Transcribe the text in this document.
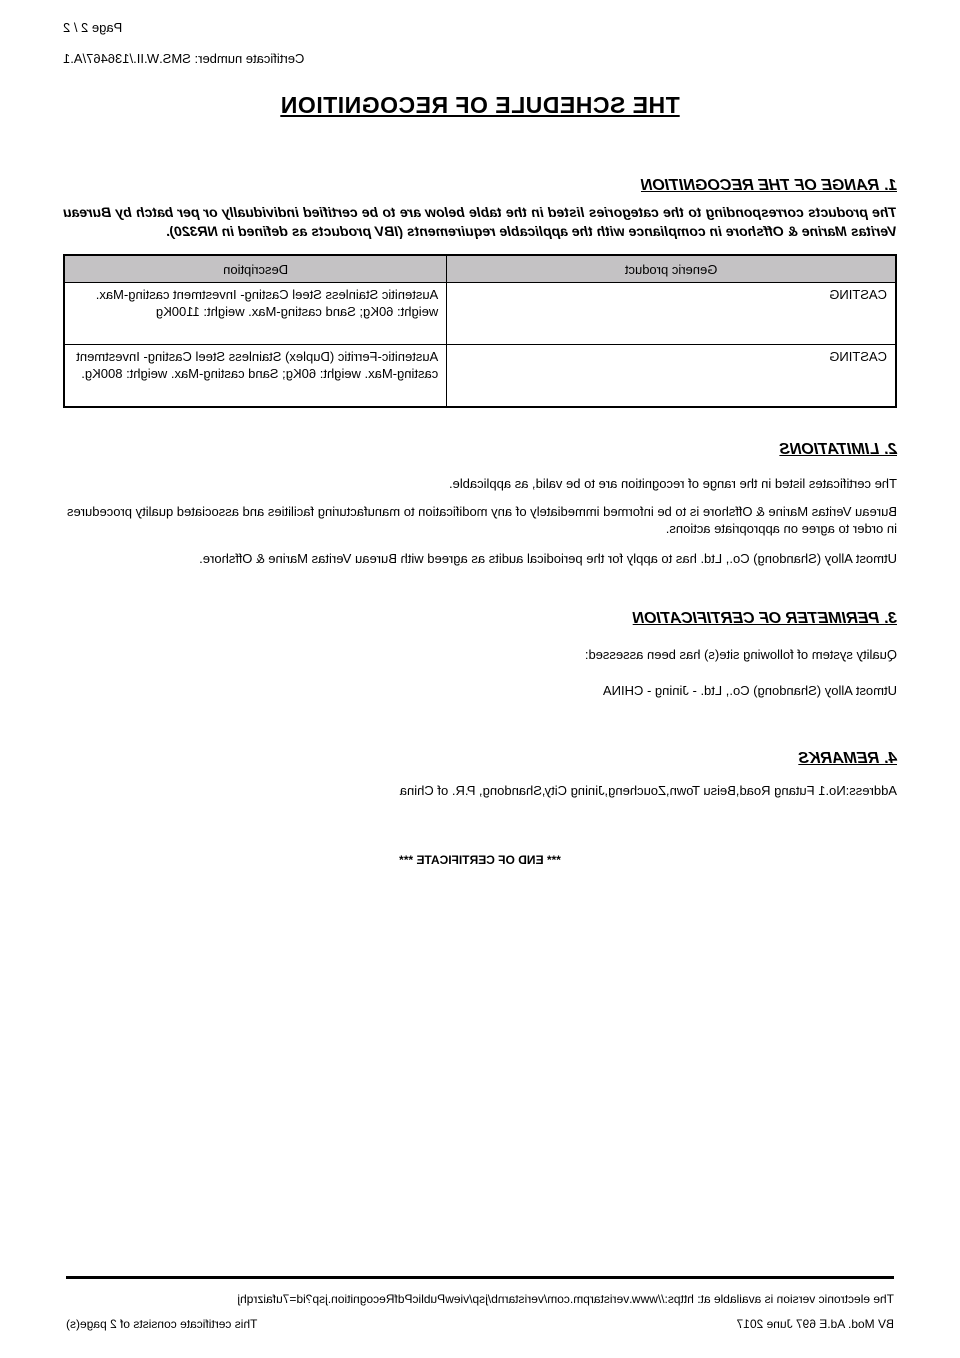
Page 2 / 2
Certificate number: SMS.W.II./136467/A.1
THE SCHEDULE OF RECOGNITION
1. RANGE OF THE RECOGNITION

The products corresponding to the categories listed in the table below are to be certified individually or per batch by Bureau Veritas Marine & Offshore in compliance with the applicable requirements (IBV products as defined in NR320).

Generic product	Description
CASTING	Austenitic Stainless Steel Casting- Investment casting-Max. weight: 60Kg; Sand casting-Max. weight: 1100Kg
CASTING	Austenitic-Ferritic (Duplex) Stainless Steel Casting- Investment casting-Max. weight: 60Kg; Sand casting-Max. weight: 800Kg.
2. LIMITATIONS

The certificates listed in the range of recognition are to be valid, as applicable.

Bureau Veritas Marine & Offshore is to be informed immediately of any modification to manufacturing facilities and associated quality procedures in order to agree on appropriate actions.

Utmost Alloy (Shandong) Co., Ltd. has to apply for the periodical audits as agreed with Bureau Veritas Marine & Offshore.

3. PERIMETER OF CERTIFICATION

Quality system of following site(s) has been assessed:

Utmost Alloy (Shandong) Co., Ltd. - Jining - CHINA

4. REMARKS

Address:No.1 Futang Road,Beisu Town,Zoucheng,Jining City,Shandong, P.R. of China

*** END OF CERTIFICATE ***
The electronic version is available at: https://www.veristarpm.com/veristarnb/jsp/viewPublicPdfRecognition.jsp?id=7ufaizrqhj
BV Mod. Ad.E 697 June 2017
This certificate consists of 2 page(s)
